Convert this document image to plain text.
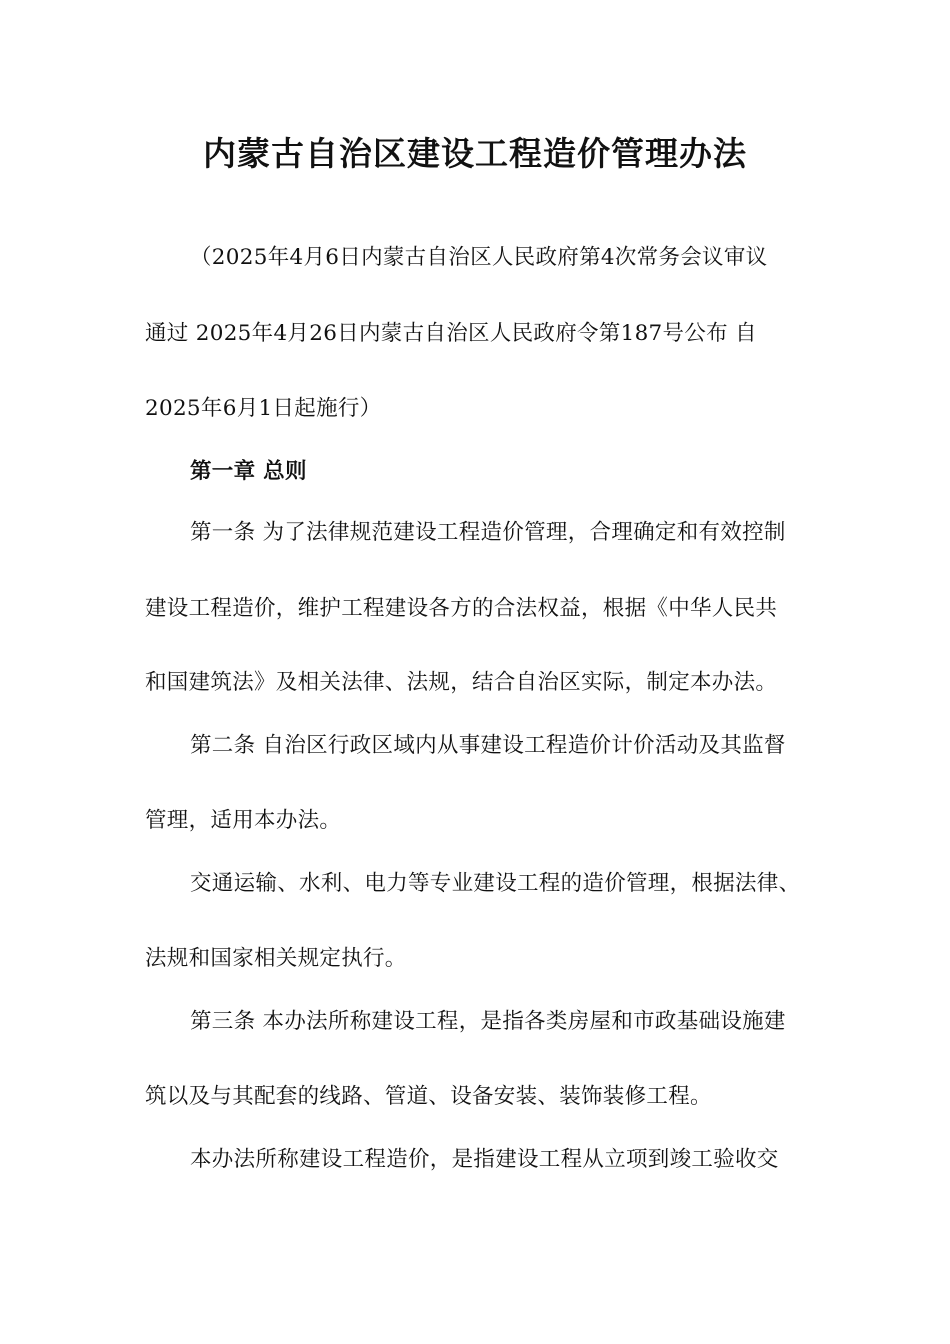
内蒙古自治区建设工程造价管理办法
（2025年4月6日内蒙古自治区人民政府第4次常务会议审议
通过 2025年4月26日内蒙古自治区人民政府令第187号公布 自
2025年6月1日起施行）
第一章 总则
第一条 为了法律规范建设工程造价管理，合理确定和有效控制
建设工程造价，维护工程建设各方的合法权益，根据《中华人民共
和国建筑法》及相关法律、法规，结合自治区实际，制定本办法。
第二条 自治区行政区域内从事建设工程造价计价活动及其监督
管理，适用本办法。
交通运输、水利、电力等专业建设工程的造价管理，根据法律、
法规和国家相关规定执行。
第三条 本办法所称建设工程，是指各类房屋和市政基础设施建
筑以及与其配套的线路、管道、设备安装、装饰装修工程。
本办法所称建设工程造价，是指建设工程从立项到竣工验收交
